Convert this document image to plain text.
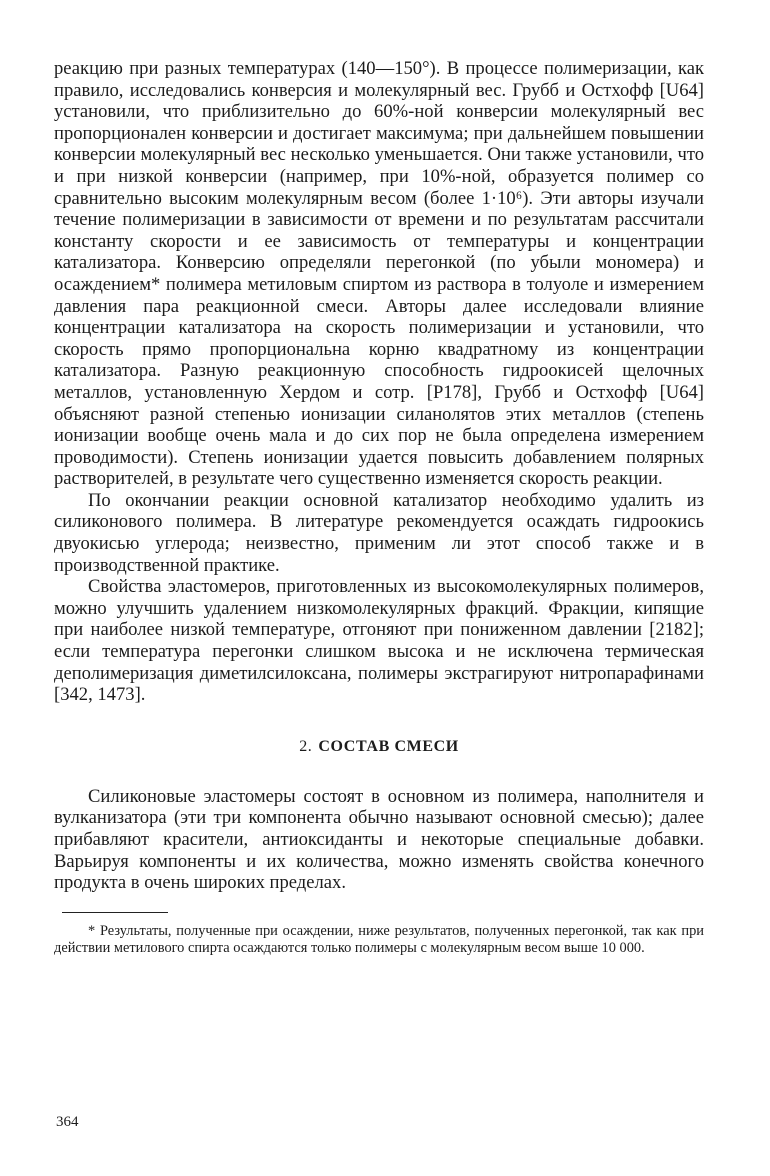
реакцию при разных температурах (140—150°). В процессе полимеризации, как правило, исследовались конверсия и молекулярный вес. Грубб и Остхофф [U64] установили, что приблизительно до 60%-ной конверсии молекулярный вес пропорционален конверсии и достигает максимума; при дальнейшем повышении конверсии молекулярный вес несколько уменьшается. Они также установили, что и при низкой конверсии (например, при 10%-ной, образуется полимер со сравнительно высоким молекулярным весом (более 1·10⁶). Эти авторы изучали течение полимеризации в зависимости от времени и по результатам рассчитали константу скорости и ее зависимость от температуры и концентрации катализатора. Конверсию определяли перегонкой (по убыли мономера) и осаждением* полимера метиловым спиртом из раствора в толуоле и измерением давления пара реакционной смеси. Авторы далее исследовали влияние концентрации катализатора на скорость полимеризации и установили, что скорость прямо пропорциональна корню квадратному из концентрации катализатора. Разную реакционную способность гидроокисей щелочных металлов, установленную Хердом и сотр. [P178], Грубб и Остхофф [U64] объясняют разной степенью ионизации силанолятов этих металлов (степень ионизации вообще очень мала и до сих пор не была определена измерением проводимости). Степень ионизации удается повысить добавлением полярных растворителей, в результате чего существенно изменяется скорость реакции.

По окончании реакции основной катализатор необходимо удалить из силиконового полимера. В литературе рекомендуется осаждать гидроокись двуокисью углерода; неизвестно, применим ли этот способ также и в производственной практике.

Свойства эластомеров, приготовленных из высокомолекулярных полимеров, можно улучшить удалением низкомолекулярных фракций. Фракции, кипящие при наиболее низкой температуре, отгоняют при пониженном давлении [2182]; если температура перегонки слишком высока и не исключена термическая деполимеризация диметилсилоксана, полимеры экстрагируют нитропарафинами [342, 1473].

2. СОСТАВ СМЕСИ

Силиконовые эластомеры состоят в основном из полимера, наполнителя и вулканизатора (эти три компонента обычно называют основной смесью); далее прибавляют красители, антиоксиданты и некоторые специальные добавки. Варьируя компоненты и их количества, можно изменять свойства конечного продукта в очень широких пределах.

* Результаты, полученные при осаждении, ниже результатов, полученных перегонкой, так как при действии метилового спирта осаждаются только полимеры с молекулярным весом выше 10 000.

364
